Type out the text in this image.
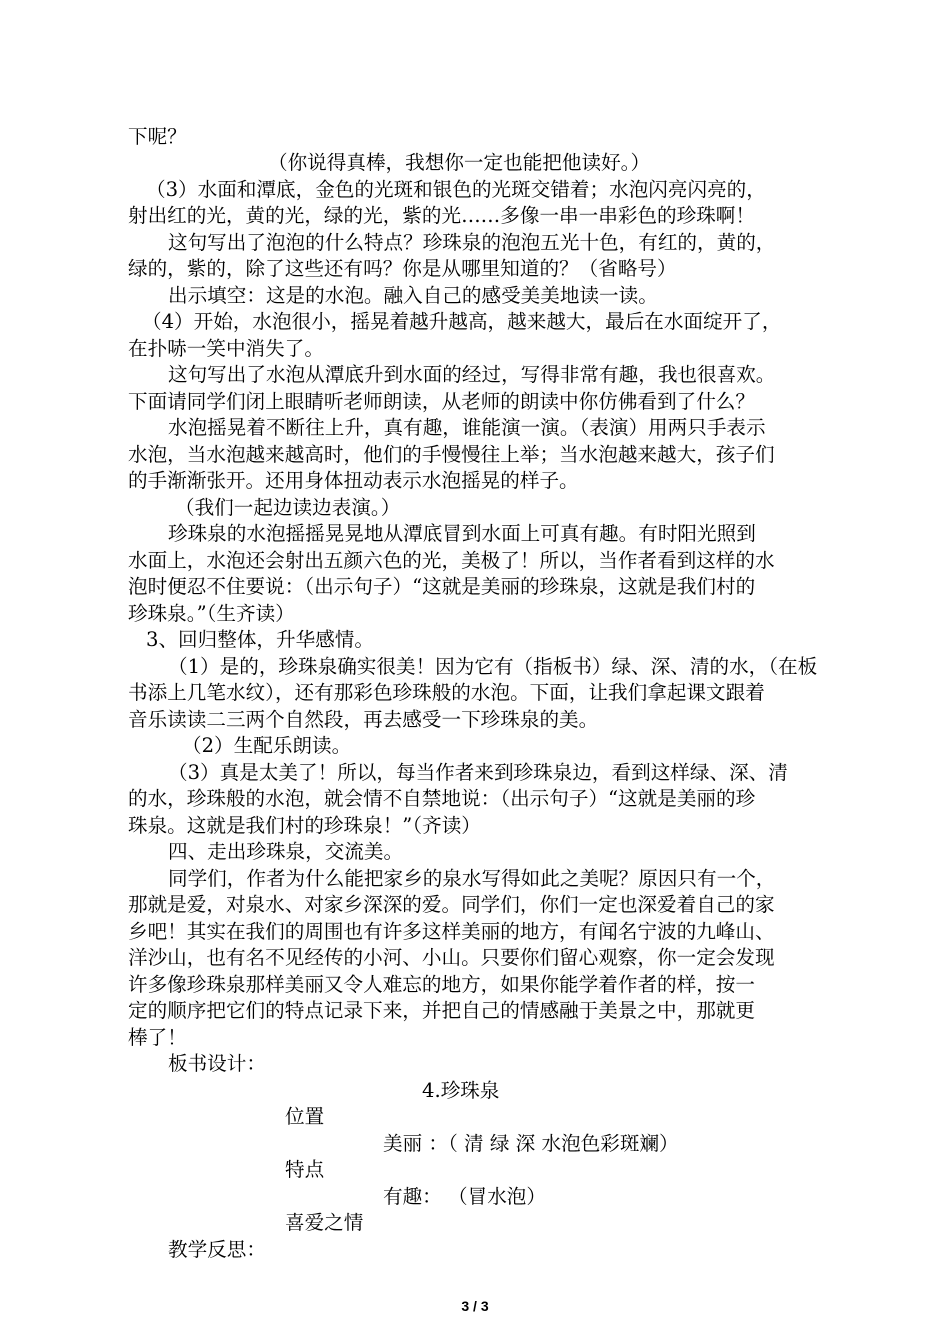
下呢？
（你说得真棒，我想你一定也能把他读好。）
（3）水面和潭底，金色的光斑和银色的光斑交错着；水泡闪亮闪亮的，
射出红的光，黄的光，绿的光，紫的光……多像一串一串彩色的珍珠啊！
这句写出了泡泡的什么特点？珍珠泉的泡泡五光十色，有红的，黄的，
绿的，紫的，除了这些还有吗？你是从哪里知道的？（省略号）
出示填空：这是的水泡。融入自己的感受美美地读一读。
（4）开始，水泡很小，摇晃着越升越高，越来越大，最后在水面绽开了，
在扑哧一笑中消失了。
这句写出了水泡从潭底升到水面的经过，写得非常有趣，我也很喜欢。
下面请同学们闭上眼睛听老师朗读，从老师的朗读中你仿佛看到了什么？
水泡摇晃着不断往上升，真有趣，谁能演一演。（表演）用两只手表示
水泡，当水泡越来越高时，他们的手慢慢往上举；当水泡越来越大，孩子们
的手渐渐张开。还用身体扭动表示水泡摇晃的样子。
（我们一起边读边表演。）
珍珠泉的水泡摇摇晃晃地从潭底冒到水面上可真有趣。有时阳光照到
水面上，水泡还会射出五颜六色的光，美极了！所以，当作者看到这样的水
泡时便忍不住要说：（出示句子）“这就是美丽的珍珠泉，这就是我们村的
珍珠泉。”（生齐读）
3、回归整体，升华感情。
（1）是的，珍珠泉确实很美！因为它有（指板书）绿、深、清的水，（在板
书添上几笔水纹），还有那彩色珍珠般的水泡。下面，让我们拿起课文跟着
音乐读读二三两个自然段，再去感受一下珍珠泉的美。
（2）生配乐朗读。
（3）真是太美了！所以，每当作者来到珍珠泉边，看到这样绿、深、清
的水，珍珠般的水泡，就会情不自禁地说：（出示句子）“这就是美丽的珍
珠泉。这就是我们村的珍珠泉！”（齐读）
四、走出珍珠泉，交流美。
同学们，作者为什么能把家乡的泉水写得如此之美呢？原因只有一个，
那就是爱，对泉水、对家乡深深的爱。同学们，你们一定也深爱着自己的家
乡吧！其实在我们的周围也有许多这样美丽的地方，有闻名宁波的九峰山、
洋沙山，也有名不见经传的小河、小山。只要你们留心观察，你一定会发现
许多像珍珠泉那样美丽又令人难忘的地方，如果你能学着作者的样，按一
定的顺序把它们的特点记录下来，并把自己的情感融于美景之中，那就更
棒了！
板书设计：
4.珍珠泉
位置
美丽 ：（ 清 绿 深 水泡色彩斑斓）
特点
有趣： （冒水泡）
喜爱之情
教学反思：
3 / 3
